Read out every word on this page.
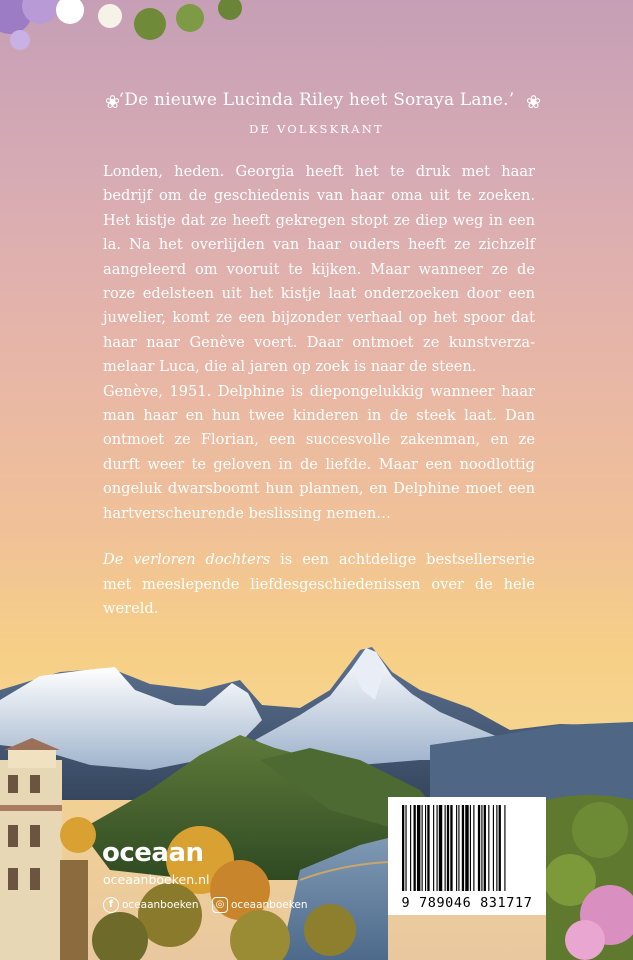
‘De nieuwe Lucinda Riley heet Soraya Lane.’
❀	❀
DE VOLKSKRANT

Londen, heden. Georgia heeft het te druk met haar bedrijf om de geschiedenis van haar oma uit te zoeken. Het kistje dat ze heeft gekregen stopt ze diep weg in een la. Na het overlijden van haar ouders heeft ze zichzelf aangeleerd om vooruit te kijken. Maar wanneer ze de roze edelsteen uit het kistje laat onderzoeken door een juwelier, komt ze een bijzonder verhaal op het spoor dat haar naar Genève voert. Daar ontmoet ze kunstverzamelaar Luca, die al jaren op zoek is naar de steen.

Genève, 1951. Delphine is diepongelukkig wanneer haar man haar en hun twee kinderen in de steek laat. Dan ontmoet ze Florian, een succesvolle zakenman, en ze durft weer te geloven in de liefde. Maar een noodlottig ongeluk dwarsboomt hun plannen, en Delphine moet een hartverscheurende beslissing nemen…

De verloren dochters is een achtdelige bestsellerserie met meeslepende liefdesgeschiedenissen over de hele wereld.

oceaan
oceaanboeken.nl
f oceaanboeken	◎ oceaanboeken	9 789046 831717
